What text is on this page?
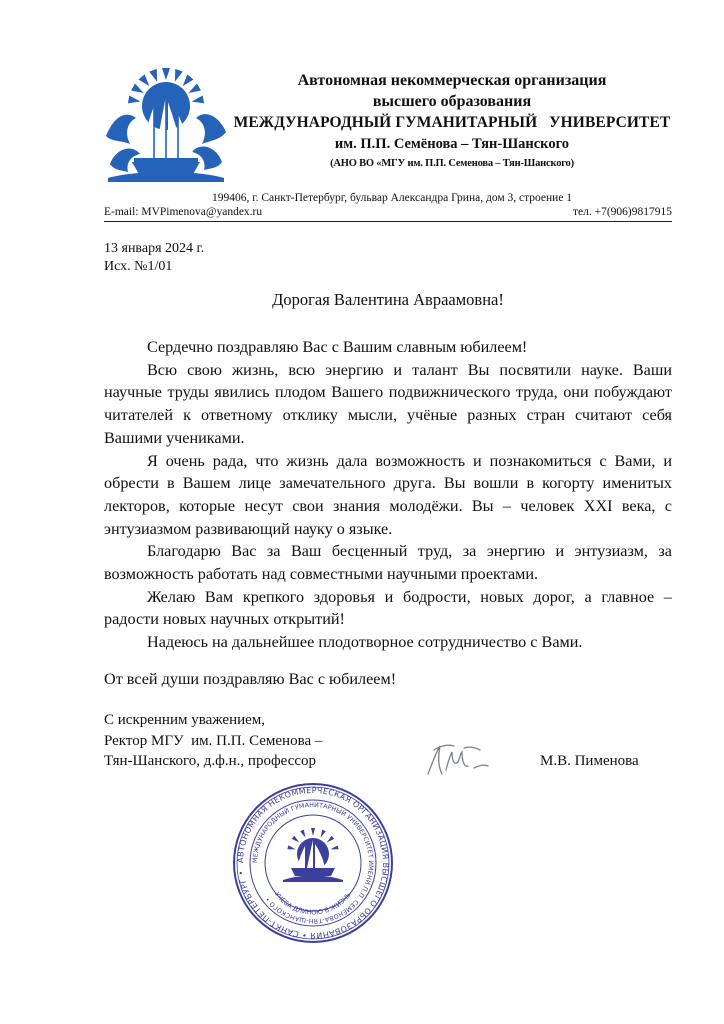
Автономная некоммерческая организация
высшего образования
МЕЖДУНАРОДНЫЙ ГУМАНИТАРНЫЙ   УНИВЕРСИТЕТ
им. П.П. Семёнова – Тян-Шанского
(АНО ВО «МГУ им. П.П. Семенова – Тян-Шанского)
199406, г. Санкт-Петербург, бульвар Александра Грина, дом 3, строение 1
E-mail: MVPimenova@yandex.ru	тел. +7(906)9817915
13 января 2024 г.
Исх. №1/01
Дорогая Валентина Авраамовна!

Сердечно поздравляю Вас с Вашим славным юбилеем!

Всю свою жизнь, всю энергию и талант Вы посвятили науке. Ваши научные труды явились плодом Вашего подвижнического труда, они побуждают читателей к ответному отклику мысли, учёные разных стран считают себя Вашими учениками.

Я очень рада, что жизнь дала возможность и познакомиться с Вами, и обрести в Вашем лице замечательного друга. Вы вошли в когорту именитых лекторов, которые несут свои знания молодёжи. Вы – человек XXI века, с энтузиазмом развивающий науку о языке.

Благодарю Вас за Ваш бесценный труд, за энергию и энтузиазм, за возможность работать над совместными научными проектами.

Желаю Вам крепкого здоровья и бодрости, новых дорог, а главное – радости новых научных открытий!

Надеюсь на дальнейшее плодотворное сотрудничество с Вами.

От всей души поздравляю Вас с юбилеем!
С искренним уважением,
Ректор МГУ  им. П.П. Семенова –
Тян-Шанского, д.ф.н., профессор	М.В. Пименова
АВТОНОМНАЯ НЕКОММЕРЧЕСКАЯ ОРГАНИЗАЦИЯ ВЫСШЕГО ОБРАЗОВАНИЯ • САНКТ-ПЕТЕРБУРГ •
МЕЖДУНАРОДНЫЙ ГУМАНИТАРНЫЙ УНИВЕРСИТЕТ ИМЕНИ П.П. СЕМЁНОВА-ТЯН-ШАНСКОГО •
УЧЕБА ДЛИНОЮ В ЖИЗНЬ
